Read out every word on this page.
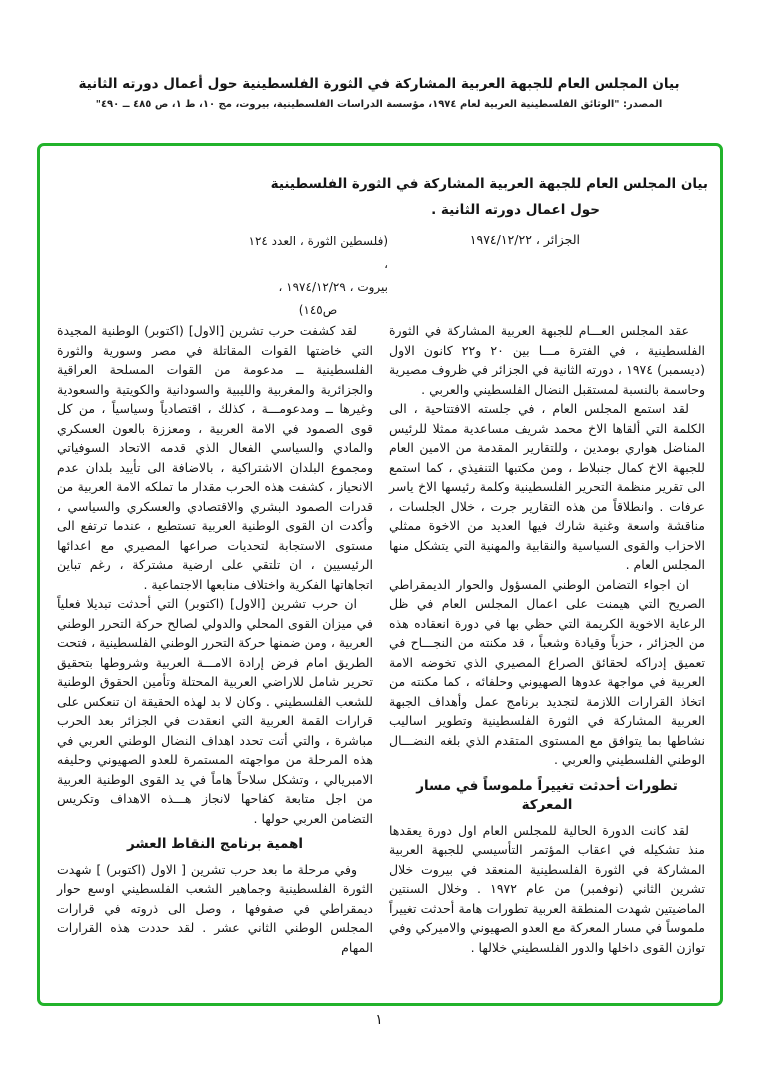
بيان المجلس العام للجبهة العربية المشاركة في الثورة الفلسطينية حول أعمال دورته الثانية
المصدر: "الوثائق الفلسطينية العربية لعام ١٩٧٤، مؤسسة الدراسات الفلسطينية، بيروت، مج ١٠، ط ١، ص ٤٨٥ ــ ٤٩٠"
بيان المجلس العام للجبهة العربية المشاركة في الثورة الفلسطينية
حول اعمال دورته الثانية .
الجزائر ، ١٩٧٤/١٢/٢٢
(فلسطين الثورة ، العدد ١٢٤ ،
بيروت ، ١٩٧٤/١٢/٢٩ ،
ص١٤٥)

عقد المجلس العـــام للجبهة العربية المشاركة في الثورة الفلسطينية ، في الفترة مـــا بين ٢٠ و٢٢ كانون الاول (ديسمبر) ١٩٧٤ ، دورته الثانية في الجزائر في ظروف مصيرية وحاسمة بالنسبة لمستقبل النضال الفلسطيني والعربي .

لقد استمع المجلس العام ، في جلسته الافتتاحية ، الى الكلمة التي ألقاها الاخ محمد شريف مساعدية ممثلا للرئيس المناضل هواري بومدين ، وللتقارير المقدمة من الامين العام للجبهة الاخ كمال جنبلاط ، ومن مكتبها التنفيذي ، كما استمع الى تقرير منظمة التحرير الفلسطينية وكلمة رئيسها الاخ ياسر عرفات . وانطلاقاً من هذه التقارير جرت ، خلال الجلسات ، مناقشة واسعة وغنية شارك فيها العديد من الاخوة ممثلي الاحزاب والقوى السياسية والنقابية والمهنية التي يتشكل منها المجلس العام .

ان اجواء التضامن الوطني المسؤول والحوار الديمقراطي الصريح التي هيمنت على اعمال المجلس العام في ظل الرعاية الاخوية الكريمة التي حظي بها في دورة انعقاده هذه من الجزائر ، حزباً وقيادة وشعباً ، قد مكنته من النجـــاح في تعميق إدراكه لحقائق الصراع المصيري الذي تخوضه الامة العربية في مواجهة عدوها الصهيوني وحلفائه ، كما مكنته من اتخاذ القرارات اللازمة لتجديد برنامج عمل وأهداف الجبهة العربية المشاركة في الثورة الفلسطينية وتطوير اساليب نشاطها بما يتوافق مع المستوى المتقدم الذي بلغه النضـــال الوطني الفلسطيني والعربي .

تطورات أحدثت تغييراً ملموساً في مسار المعركة

لقد كانت الدورة الحالية للمجلس العام اول دورة يعقدها منذ تشكيله في اعقاب المؤتمر التأسيسي للجبهة العربية المشاركة في الثورة الفلسطينية المنعقد في بيروت خلال تشرين الثاني (نوفمبر) من عام ١٩٧٢ . وخلال السنتين الماضيتين شهدت المنطقة العربية تطورات هامة أحدثت تغييراً ملموساً في مسار المعركة مع العدو الصهيوني والاميركي وفي توازن القوى داخلها والدور الفلسطيني خلالها .

لقد كشفت حرب تشرين [الاول] (اكتوبر) الوطنية المجيدة التي خاضتها القوات المقاتلة في مصر وسورية والثورة الفلسطينية ــ مدعومة من القوات المسلحة العراقية والجزائرية والمغربية والليبية والسودانية والكويتية والسعودية وغيرها ــ ومدعومـــة ، كذلك ، اقتصادياً وسياسياً ، من كل قوى الصمود في الامة العربية ، ومعززة بالعون العسكري والمادي والسياسي الفعال الذي قدمه الاتحاد السوفياتي ومجموع البلدان الاشتراكية ، بالاضافة الى تأييد بلدان عدم الانحياز ، كشفت هذه الحرب مقدار ما تملكه الامة العربية من قدرات الصمود البشري والاقتصادي والعسكري والسياسي ، وأكدت ان القوى الوطنية العربية تستطيع ، عندما ترتفع الى مستوى الاستجابة لتحديات صراعها المصيري مع اعدائها الرئيسيين ، ان تلتقي على ارضية مشتركة ، رغم تباين اتجاهاتها الفكرية واختلاف منابعها الاجتماعية .

ان حرب تشرين [الاول] (اكتوبر) التي أحدثت تبديلا فعلياً في ميزان القوى المحلي والدولي لصالح حركة التحرر الوطني العربية ، ومن ضمنها حركة التحرر الوطني الفلسطينية ، فتحت الطريق امام فرض إرادة الامـــة العربية وشروطها بتحقيق تحرير شامل للاراضي العربية المحتلة وتأمين الحقوق الوطنية للشعب الفلسطيني . وكان لا بد لهذه الحقيقة ان تنعكس على قرارات القمة العربية التي انعقدت في الجزائر بعد الحرب مباشرة ، والتي أتت تحدد اهداف النضال الوطني العربي في هذه المرحلة من مواجهته المستمرة للعدو الصهيوني وحليفه الامبريالي ، وتشكل سلاحاً هاماً في يد القوى الوطنية العربية من اجل متابعة كفاحها لانجاز هـــذه الاهداف وتكريس التضامن العربي حولها .

اهمية برنامج النقاط العشر

وفي مرحلة ما بعد حرب تشرين [ الاول (اكتوبر) ] شهدت الثورة الفلسطينية وجماهير الشعب الفلسطيني اوسع حوار ديمقراطي في صفوفها ، وصل الى ذروته في قرارات المجلس الوطني الثاني عشر . لقد حددت هذه القرارات المهام

١
